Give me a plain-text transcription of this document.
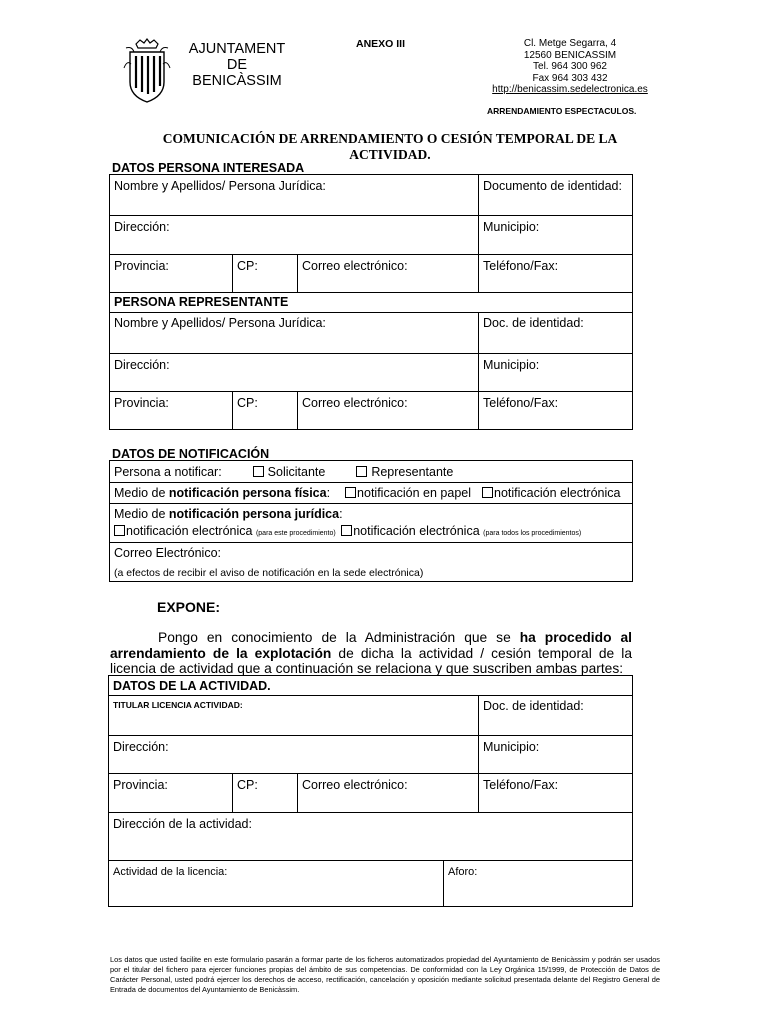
AJUNTAMENT
DE
BENICÀSSIM
ANEXO III	Cl. Metge Segarra, 4
12560 BENICASSIM
Tel. 964 300 962
Fax 964 303 432
http://benicassim.sedelectronica.es
ARRENDAMIENTO ESPECTACULOS.
COMUNICACIÓN DE ARRENDAMIENTO O CESIÓN TEMPORAL DE LA
ACTIVIDAD.
DATOS PERSONA INTERESADA
Nombre y Apellidos/ Persona Jurídica:	Documento de identidad:
Dirección:	Municipio:
Provincia:	CP:	Correo electrónico:	Teléfono/Fax:
PERSONA REPRESENTANTE
Nombre y Apellidos/ Persona Jurídica:	Doc. de identidad:
Dirección:	Municipio:
Provincia:	CP:	Correo electrónico:	Teléfono/Fax:
DATOS DE NOTIFICACIÓN
Persona a notificar:	Solicitante	Representante
Medio de notificación persona física: notificación en papel notificación electrónica
Medio de notificación persona jurídica:
notificación electrónica (para este procedimiento) notificación electrónica (para todos los procedimientos)
Correo Electrónico:
(a efectos de recibir el aviso de notificación en la sede electrónica)
EXPONE:
Pongo en conocimiento de la Administración que se ha procedido al
arrendamiento de la explotación de dicha la actividad / cesión temporal de la
licencia de actividad que a continuación se relaciona y que suscriben ambas partes:
DATOS DE LA ACTIVIDAD.
TITULAR LICENCIA ACTIVIDAD:	Doc. de identidad:
Dirección:	Municipio:
Provincia:	CP:	Correo electrónico:	Teléfono/Fax:
Dirección de la actividad:
Actividad de la licencia:	Aforo:
Los datos que usted facilite en este formulario pasarán a formar parte de los ficheros automatizados propiedad del Ayuntamiento de Benicàssim y podrán ser usados por el titular del fichero para ejercer funciones propias del ámbito de sus competencias. De conformidad con la Ley Orgánica 15/1999, de Protección de Datos de Carácter Personal, usted podrá ejercer los derechos de acceso, rectificación, cancelación y oposición mediante solicitud presentada delante del Registro General de Entrada de documentos del Ayuntamiento de Benicàssim.
